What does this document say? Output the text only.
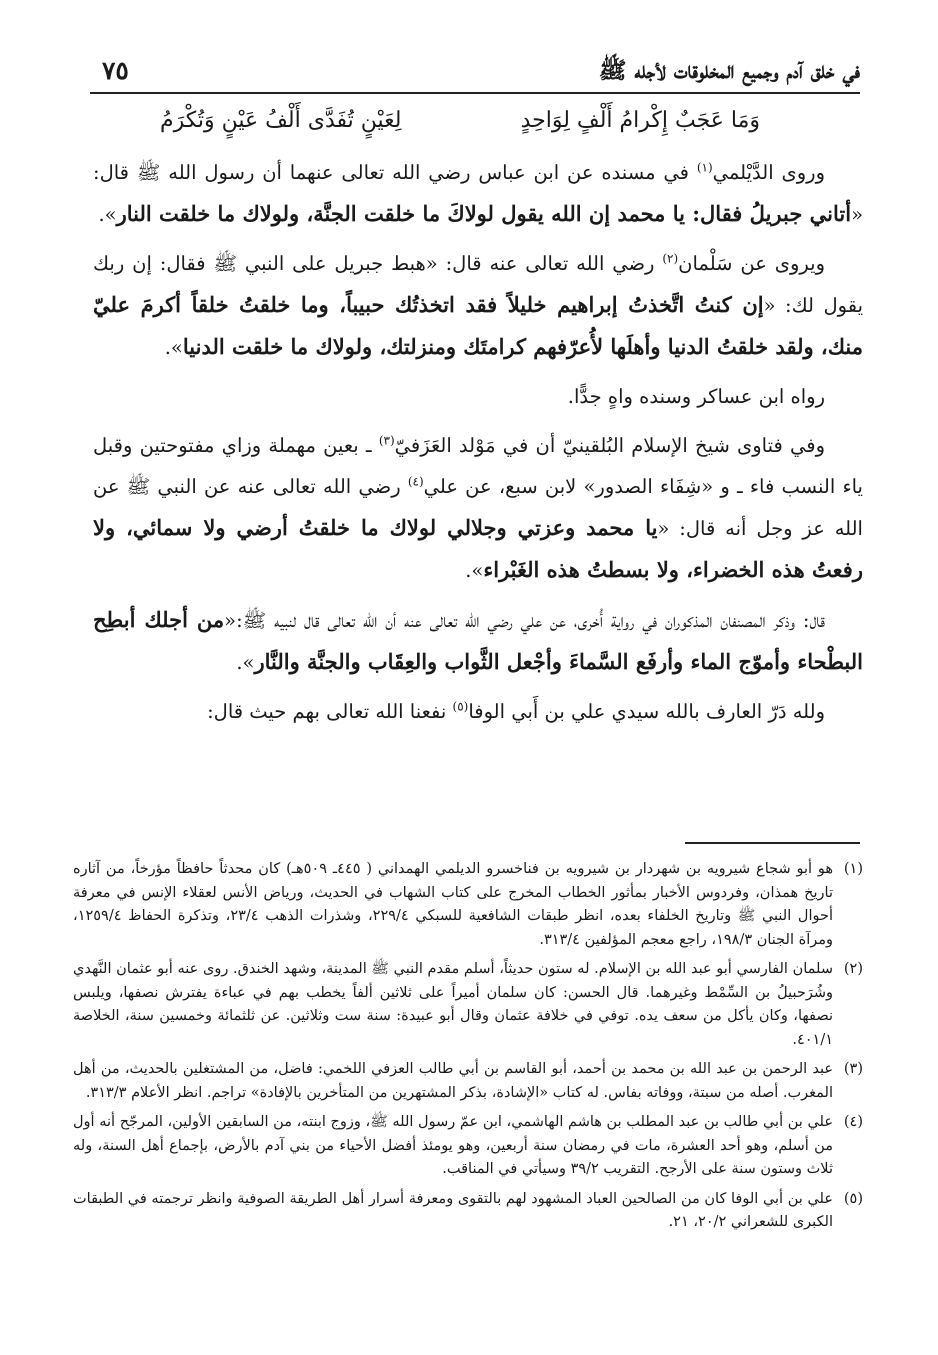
في خلق آدم وجميع المخلوقات لأجله ﷺ
٧٥
وَمَا عَجَبٌ إِكْرامُ أَلْفٍ لِوَاحِدٍ
لِعَيْنٍ تُفَدَّى أَلْفُ عَيْنٍ وَتُكْرَمُ

وروى الدَّيْلمي$^{(١)}$ في مسنده عن ابن عباس رضي الله تعالى عنهما أن رسول الله ﷺ قال: «أتاني جبريلُ فقال: يا محمد إن الله يقول لولاكَ ما خلقت الجنَّة، ولولاك ما خلقت النار».

ويروى عن سَلْمان$^{(٢)}$ رضي الله تعالى عنه قال: «هبط جبريل على النبي ﷺ فقال: إن ربك يقول لك: «إن كنتُ اتَّخذتُ إبراهيم خليلاً فقد اتخذتُك حبيباً، وما خلقتُ خلقاً أكرمَ عليّ منك، ولقد خلقتُ الدنيا وأهلَها لأُعرّفهم كرامتَك ومنزلتك، ولولاك ما خلقت الدنيا».

رواه ابن عساكر وسنده واهٍ جدًّا.

وفي فتاوى شيخ الإسلام البُلقينيّ أن في مَوْلد العَزَفيّ$^{(٣)}$ ـ بعين مهملة وزاي مفتوحتين وقبل ياء النسب فاء ـ و «شِفَاء الصدور» لابن سبع، عن علي$^{(٤)}$ رضي الله تعالى عنه عن النبي ﷺ عن الله عز وجل أنه قال: «يا محمد وعزتي وجلالي لولاك ما خلقتُ أرضي ولا سمائي، ولا رفعتُ هذه الخضراء، ولا بسطتُ هذه الغَبْراء».

قال: وذكر المصنفان المذكوران في رواية أُخرى، عن علي رضي الله تعالى عنه أن الله تعالى قال لنبيه ﷺ:«من أجلك أبطِح البطْحاء وأموّج الماء وأرفَع السَّماءَ وأجْعل الثَّواب والعِقَاب والجنَّة والنَّار».

ولله دَرّ العارف بالله سيدي علي بن أَبي الوفا$^{(٥)}$ نفعنا الله تعالى بهم حيث قال:

(١)
هو أبو شجاع شيرويه بن شهردار بن شيرويه بن فناخسرو الديلمي الهمداني ( ٤٤٥ـ ٥٠٩هـ) كان محدثاً حافظاً مؤرخاً، من آثاره تاريخ همذان، وفردوس الأخبار بمأثور الخطاب المخرج على كتاب الشهاب في الحديث، ورياض الأنس لعقلاء الإنس في معرفة أحوال النبي ﷺ وتاريخ الخلفاء بعده، انظر طبقات الشافعية للسبكي ٢٢٩/٤، وشذرات الذهب ٢٣/٤، وتذكرة الحفاظ ١٢٥٩/٤، ومرآة الجنان ١٩٨/٣، راجع معجم المؤلفين ٣١٣/٤.
(٢)
سلمان الفارسي أبو عبد الله بن الإسلام. له ستون حديثاً، أسلم مقدم النبي ﷺ المدينة، وشهد الخندق. روى عنه أبو عثمان النَّهدي وشُرَحبيلُ بن السِّمْط وغيرهما. قال الحسن: كان سلمان أميراً على ثلاثين ألفاً يخطب بهم في عباءة يفترش نصفها، ويلبس نصفها، وكان يأكل من سعف يده. توفي في خلافة عثمان وقال أبو عبيدة: سنة ست وثلاثين. عن ثلثمائة وخمسين سنة، الخلاصة ٤٠١/١.
(٣)
عبد الرحمن بن عبد الله بن محمد بن أحمد، أبو القاسم بن أبي طالب العزفي اللخمي: فاضل، من المشتغلين بالحديث، من أهل المغرب. أصله من سبتة، ووفاته بفاس. له كتاب «الإشادة، بذكر المشتهرين من المتأخرين بالإفادة» تراجم. انظر الأعلام ٣١٣/٣.
(٤)
علي بن أبي طالب بن عبد المطلب بن هاشم الهاشمي، ابن عمّ رسول الله ﷺ، وزوج ابنته، من السابقين الأولين، المرجّح أنه أول من أسلم، وهو أحد العشرة، مات في رمضان سنة أربعين، وهو يومئذ أفضل الأحياء من بني آدم بالأرض، بإجماع أهل السنة، وله ثلاث وستون سنة على الأرجح. التقريب ٣٩/٢ وسيأتي في المناقب.
(٥)
علي بن أبي الوفا كان من الصالحين العباد المشهود لهم بالتقوى ومعرفة أسرار أهل الطريقة الصوفية وانظر ترجمته في الطبقات الكبرى للشعراني ٢٠/٢، ٢١.
